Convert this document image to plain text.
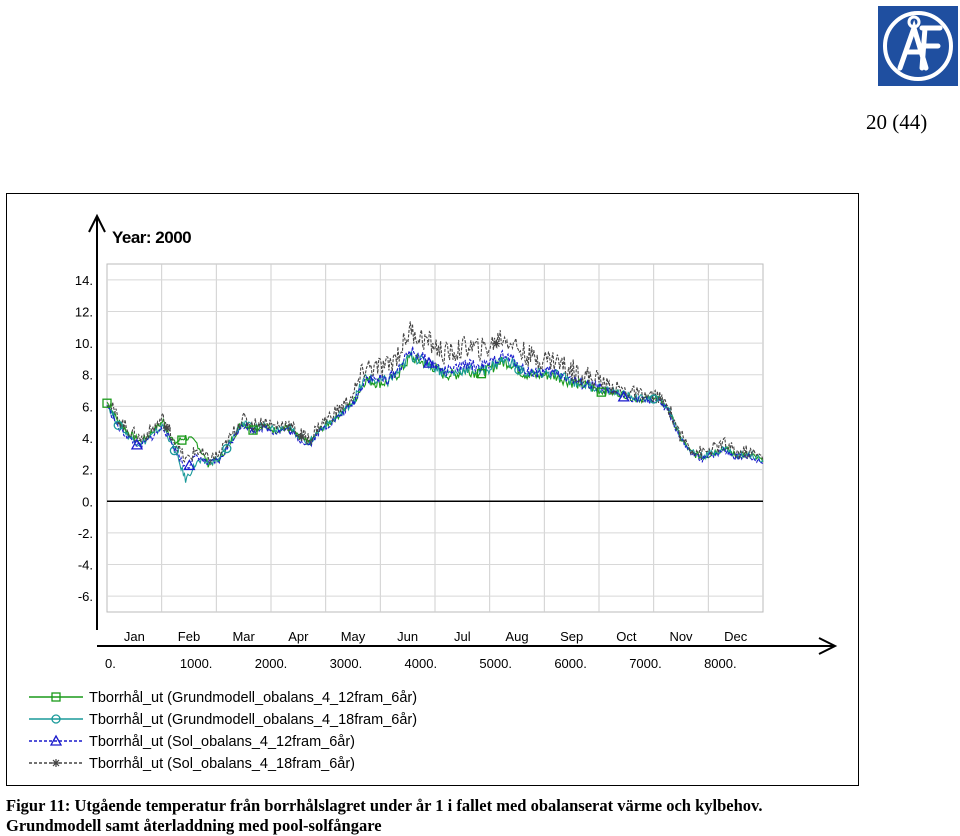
20 (44)
14.
12.
10.
8.
6.
4.
2.
0.
-2.
-4.
-6.
Jan	Feb Mar	Apr May Jun	Jul	Aug Sep	Oct	Nov Dec
0.	1000.	2000.	3000.	4000.	5000.	6000.	7000.	8000.
Year: 2000
Tborrhål_ut (Grundmodell_obalans_4_12fram_6år)
Tborrhål_ut (Grundmodell_obalans_4_18fram_6år)
Tborrhål_ut (Sol_obalans_4_12fram_6år)
Tborrhål_ut (Sol_obalans_4_18fram_6år)
Figur 11: Utgående temperatur från borrhålslagret under år 1 i fallet med obalanserat värme och kylbehov.
Grundmodell samt återladdning med pool-solfångare
